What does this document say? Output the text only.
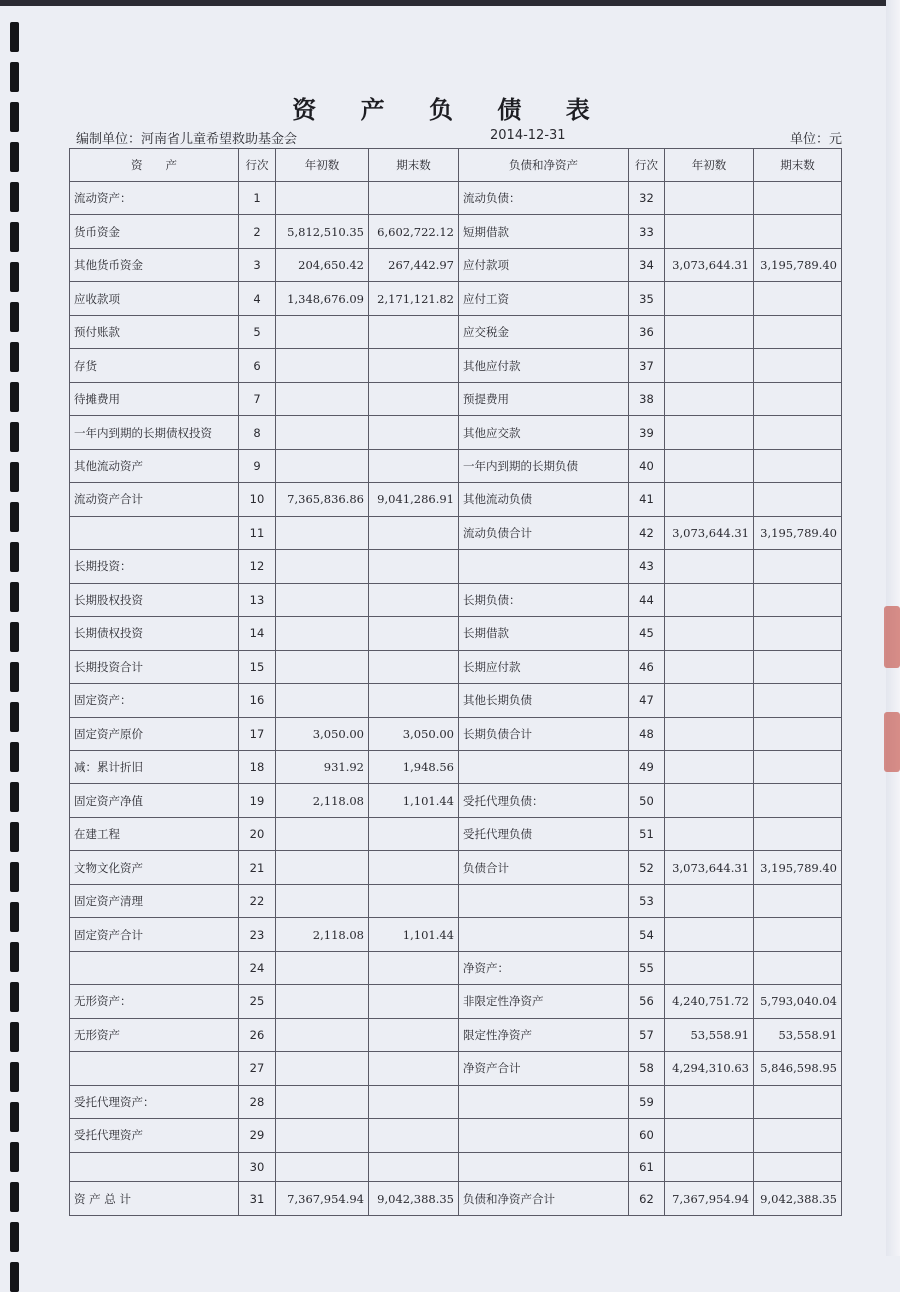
资 产 负 债 表
编制单位：河南省儿童希望救助基金会	2014-12-31	单位：元
资　　产	行次	年初数	期末数	负债和净资产	行次	年初数	期末数
流动资产：	1			流动负债：	32		
货币资金	2	5,812,510.35	6,602,722.12	短期借款	33		
其他货币资金	3	204,650.42	267,442.97	应付款项	34	3,073,644.31	3,195,789.40
应收款项	4	1,348,676.09	2,171,121.82	应付工资	35		
预付账款	5			应交税金	36		
存货	6			其他应付款	37		
待摊费用	7			预提费用	38		
一年内到期的长期债权投资	8			其他应交款	39		
其他流动资产	9			一年内到期的长期负债	40		
流动资产合计	10	7,365,836.86	9,041,286.91	其他流动负债	41		
	11			流动负债合计	42	3,073,644.31	3,195,789.40
长期投资：	12				43		
长期股权投资	13			长期负债：	44		
长期债权投资	14			长期借款	45		
长期投资合计	15			长期应付款	46		
固定资产：	16			其他长期负债	47		
固定资产原价	17	3,050.00	3,050.00	长期负债合计	48		
减：累计折旧	18	931.92	1,948.56		49		
固定资产净值	19	2,118.08	1,101.44	受托代理负债：	50		
在建工程	20			受托代理负债	51		
文物文化资产	21			负债合计	52	3,073,644.31	3,195,789.40
固定资产清理	22				53		
固定资产合计	23	2,118.08	1,101.44		54		
	24			净资产：	55		
无形资产：	25			非限定性净资产	56	4,240,751.72	5,793,040.04
无形资产	26			限定性净资产	57	53,558.91	53,558.91
	27			净资产合计	58	4,294,310.63	5,846,598.95
受托代理资产：	28				59		
受托代理资产	29				60		
	30				61		
资 产 总 计	31	7,367,954.94	9,042,388.35	负债和净资产合计	62	7,367,954.94	9,042,388.35
